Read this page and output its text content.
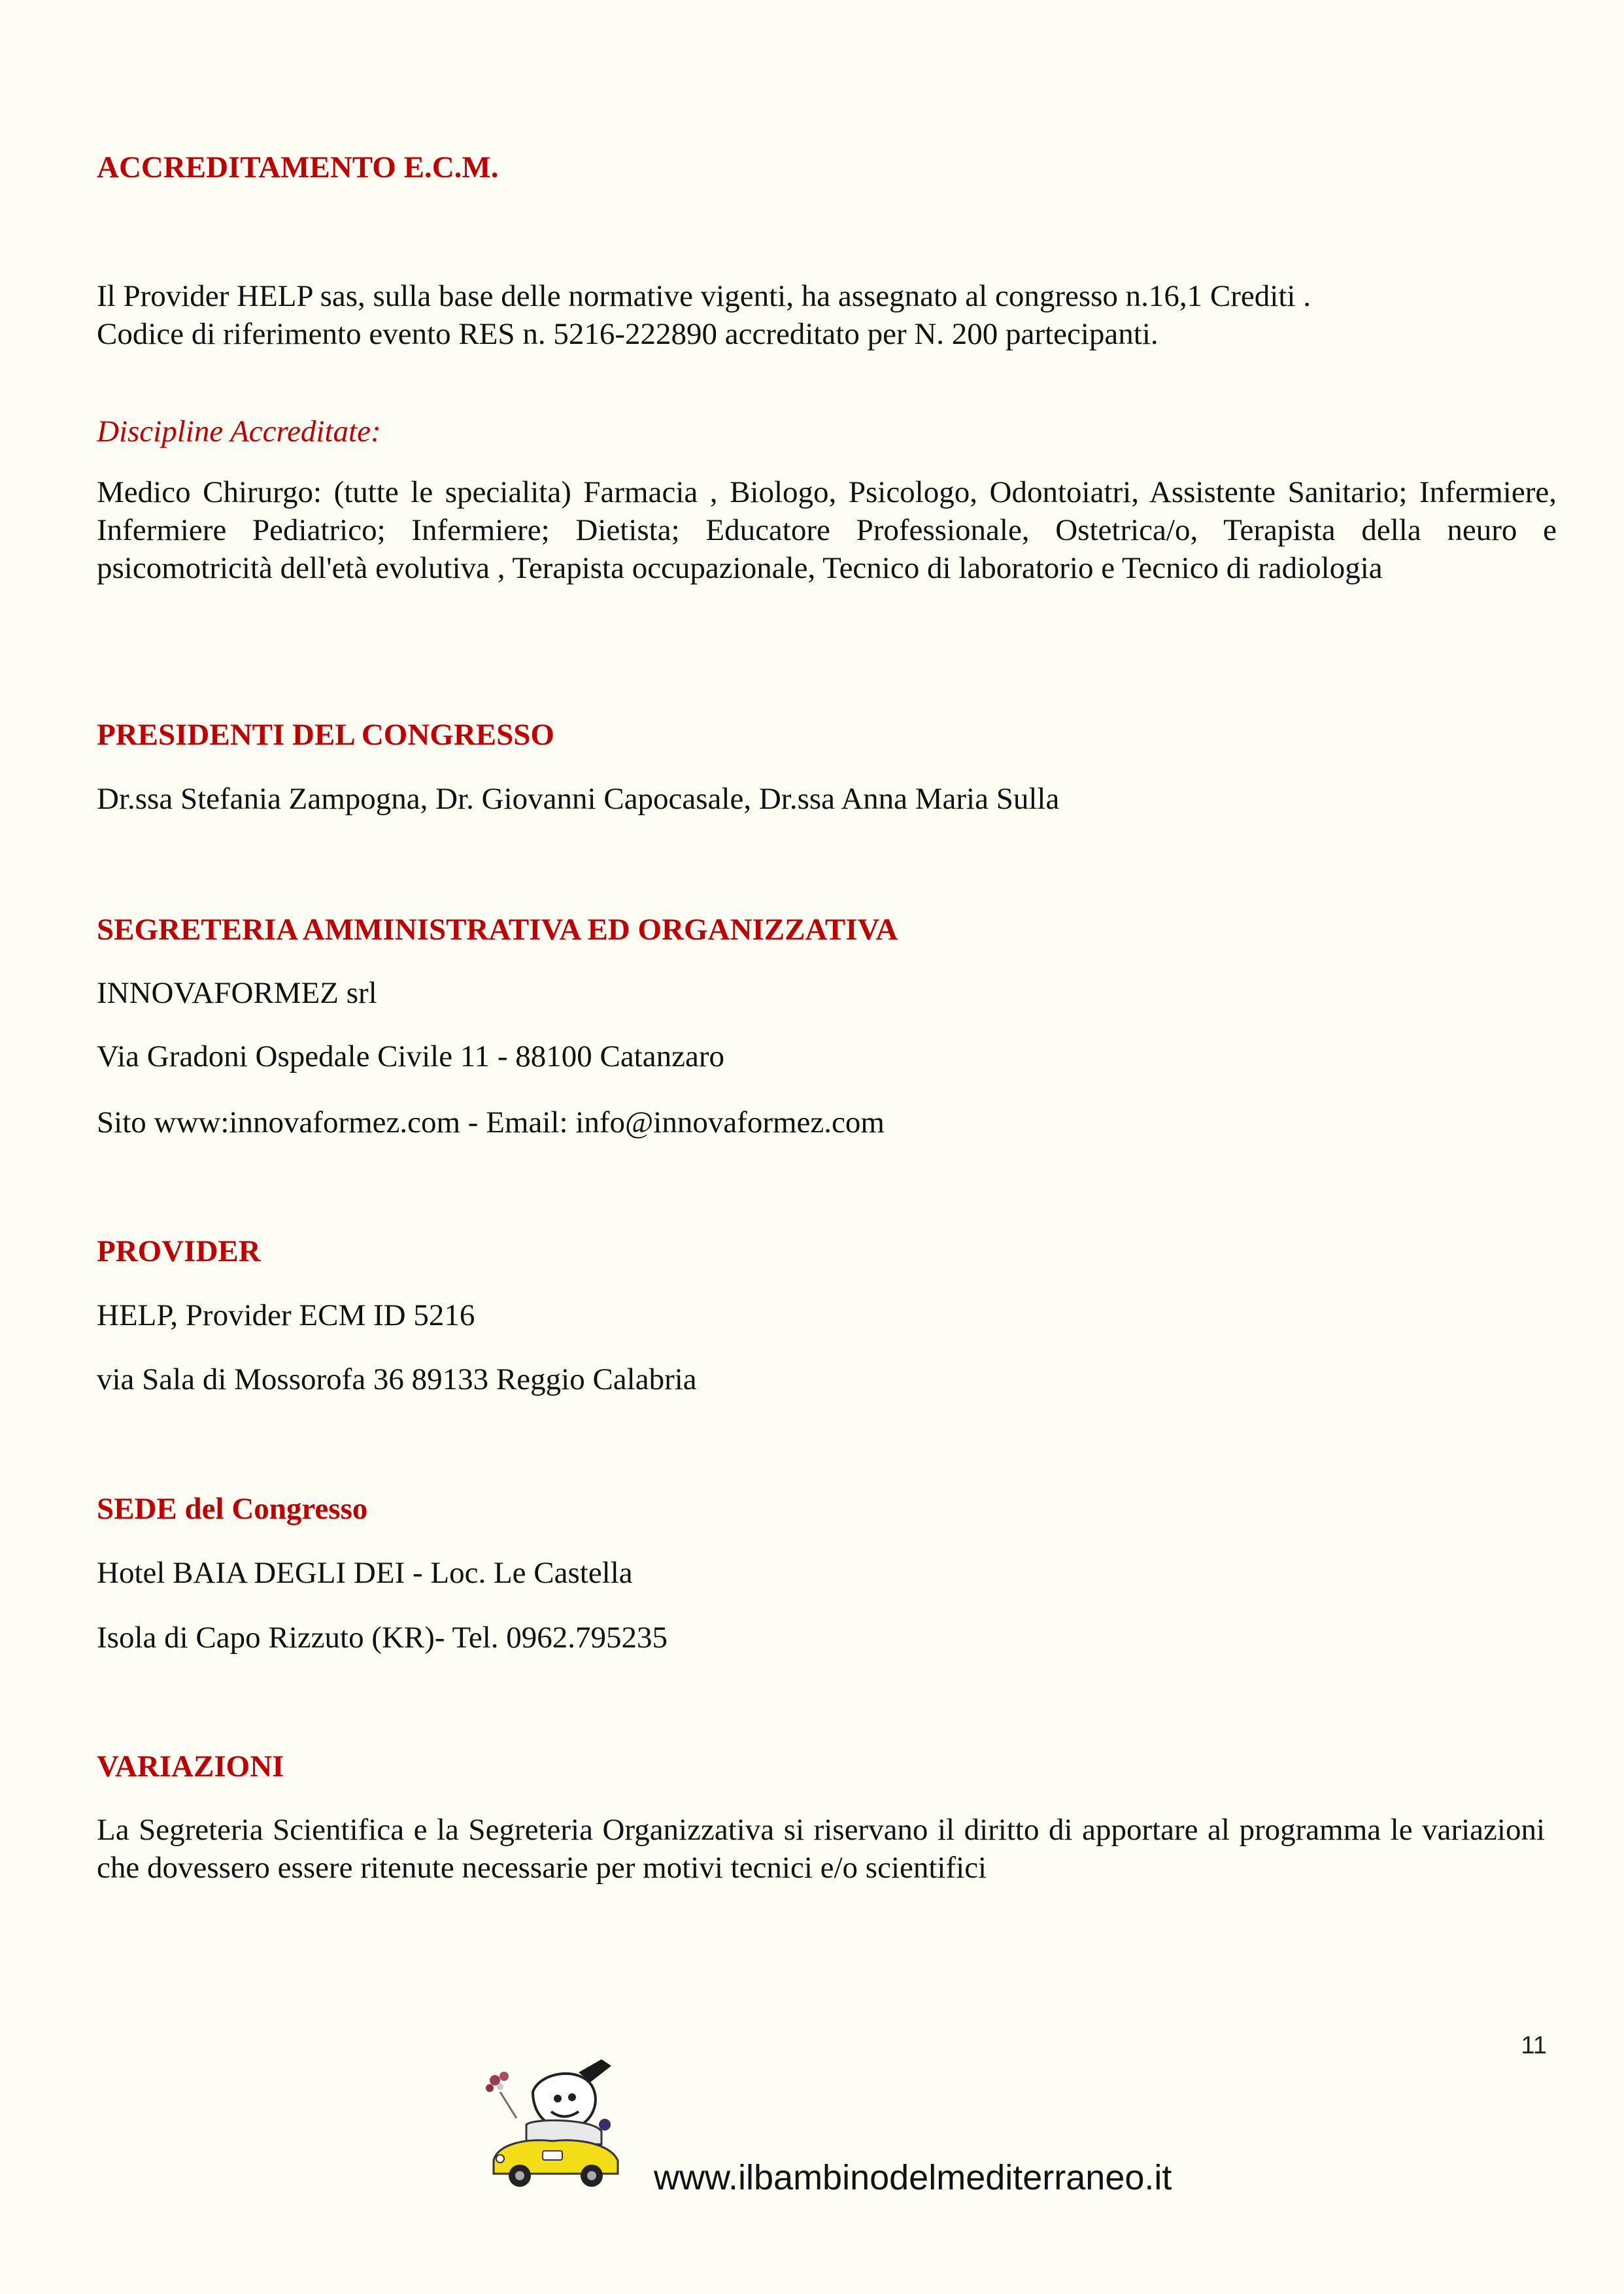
ACCREDITAMENTO E.C.M.

Il Provider HELP sas, sulla base delle normative vigenti, ha assegnato al congresso n.16,1 Crediti .

Codice di riferimento evento RES n. 5216-222890 accreditato per N. 200 partecipanti.

Discipline Accreditate:

Medico Chirurgo: (tutte le specialita) Farmacia , Biologo, Psicologo, Odontoiatri, Assistente Sanitario; Infermiere, Infermiere Pediatrico; Infermiere; Dietista; Educatore Professionale, Ostetrica/o, Terapista della neuro e psicomotricità dell'età evolutiva , Terapista occupazionale, Tecnico di laboratorio e Tecnico di radiologia

PRESIDENTI DEL CONGRESSO

Dr.ssa Stefania Zampogna, Dr. Giovanni Capocasale, Dr.ssa Anna Maria Sulla

SEGRETERIA AMMINISTRATIVA ED ORGANIZZATIVA

INNOVAFORMEZ srl

Via Gradoni Ospedale Civile 11 - 88100 Catanzaro

Sito www:innovaformez.com - Email: info@innovaformez.com

PROVIDER

HELP, Provider ECM ID 5216

via Sala di Mossorofa 36 89133 Reggio Calabria

SEDE del Congresso

Hotel BAIA DEGLI DEI - Loc. Le Castella

Isola di Capo Rizzuto (KR)- Tel. 0962.795235

VARIAZIONI

La Segreteria Scientifica e la Segreteria Organizzativa si riservano il diritto di apportare al programma le variazioni che dovessero essere ritenute necessarie per motivi tecnici e/o scientifici

11
www.ilbambinodelmediterraneo.it
